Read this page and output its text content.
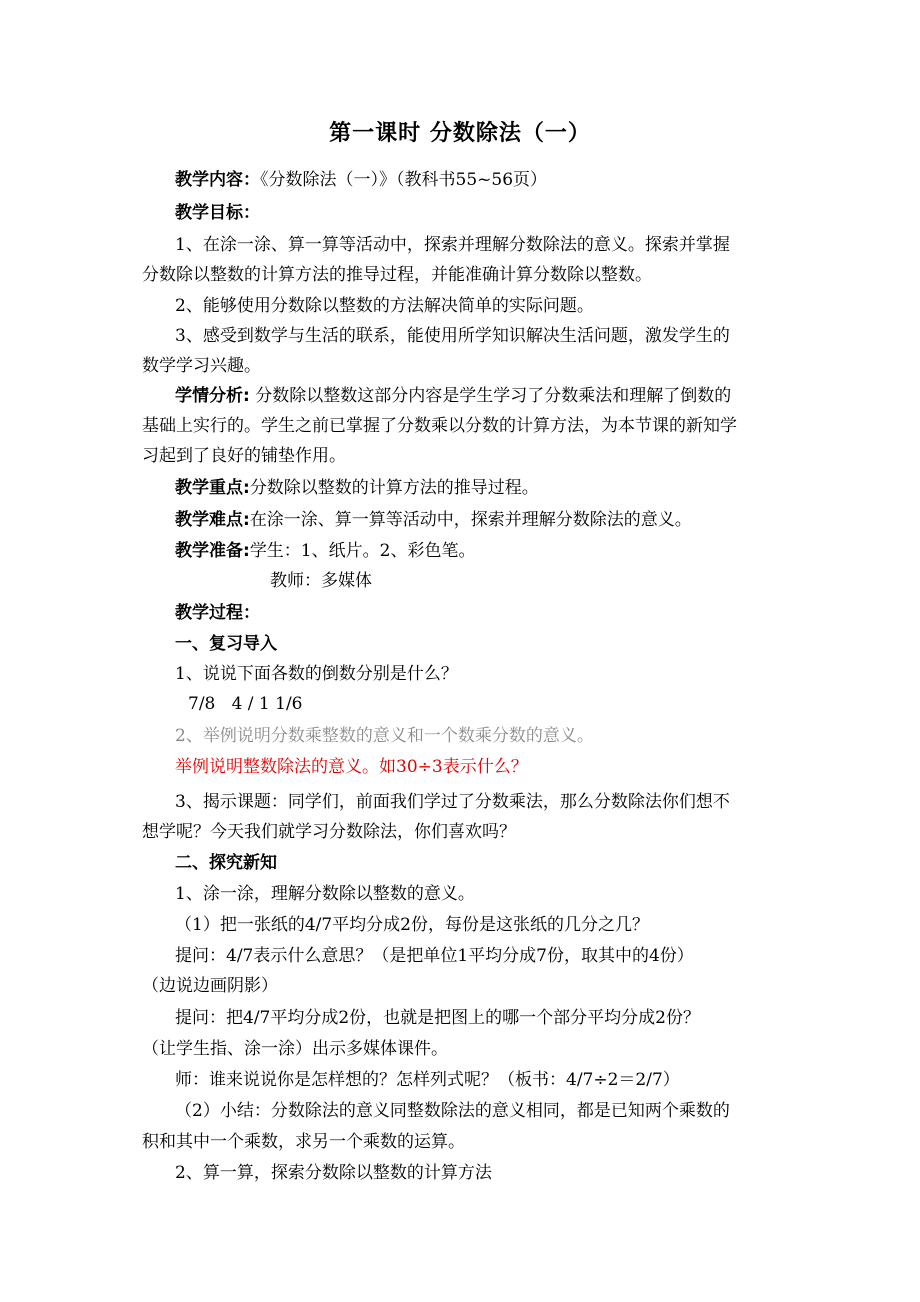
第一课时 分数除法（一）
教学内容：《分数除法（一）》（教科书55~56页）
教学目标：
1、在涂一涂、算一算等活动中，探索并理解分数除法的意义。探索并掌握
分数除以整数的计算方法的推导过程，并能准确计算分数除以整数。
2、能够使用分数除以整数的方法解决简单的实际问题。
3、感受到数学与生活的联系，能使用所学知识解决生活问题，激发学生的
数学学习兴趣。
学情分析: 分数除以整数这部分内容是学生学习了分数乘法和理解了倒数的
基础上实行的。学生之前已掌握了分数乘以分数的计算方法，为本节课的新知学
习起到了良好的铺垫作用。
教学重点:分数除以整数的计算方法的推导过程。
教学难点:在涂一涂、算一算等活动中，探索并理解分数除法的意义。
教学准备:学生：1、纸片。2、彩色笔。
教师：多媒体
教学过程：
一、复习导入
1、说说下面各数的倒数分别是什么？
7/8   4 / 1 1/6
2、举例说明分数乘整数的意义和一个数乘分数的意义。
举例说明整数除法的意义。如30÷3表示什么？
3、揭示课题：同学们，前面我们学过了分数乘法，那么分数除法你们想不
想学呢？今天我们就学习分数除法，你们喜欢吗？
二、探究新知
1、涂一涂，理解分数除以整数的意义。
（1）把一张纸的4/7平均分成2份，每份是这张纸的几分之几？
提问：4/7表示什么意思？（是把单位1平均分成7份，取其中的4份）
（边说边画阴影）
提问：把4/7平均分成2份，也就是把图上的哪一个部分平均分成2份？
（让学生指、涂一涂）出示多媒体课件。
师：谁来说说你是怎样想的？怎样列式呢？（板书：4/7÷2＝2/7）
（2）小结：分数除法的意义同整数除法的意义相同，都是已知两个乘数的
积和其中一个乘数，求另一个乘数的运算。
2、算一算，探索分数除以整数的计算方法
